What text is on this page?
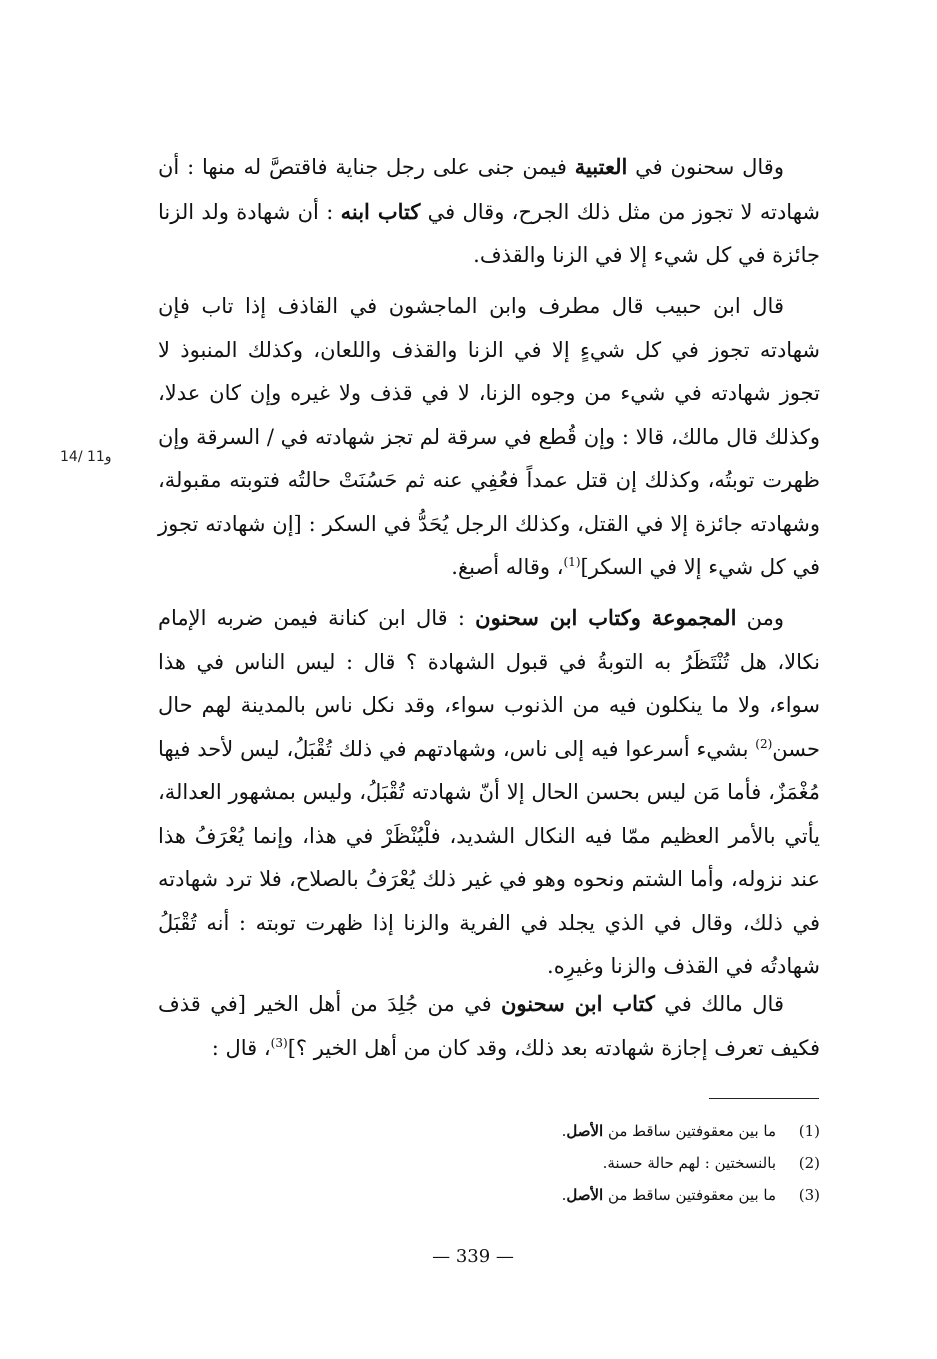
وقال سحنون في العتبية فيمن جنى على رجل جناية فاقتصَّ له منها : أن شهادته لا تجوز من مثل ذلك الجرح، وقال في كتاب ابنه : أن شهادة ولد الزنا جائزة في كل شيء إلا في الزنا والقذف.

قال ابن حبيب قال مطرف وابن الماجشون في القاذف إذا تاب فإن شهادته تجوز في كل شيءٍ إلا في الزنا والقذف واللعان، وكذلك المنبوذ لا تجوز شهادته في شيء من وجوه الزنا، لا في قذف ولا غيره وإن كان عدلا، وكذلك قال مالك، قالا : وإن قُطع في سرقة لم تجز شهادته في / السرقة وإن ظهرت توبتُه، وكذلك إن قتل عمداً فعُفِي عنه ثم حَسُنَتْ حالتُه فتوبته مقبولة، وشهادته جائزة إلا في القتل، وكذلك الرجل يُحَدُّ في السكر : [إن شهادته تجوز في كل شيء إلا في السكر]$^{(1)}$، وقاله أصبغ.

14/ 11و

ومن المجموعة وكتاب ابن سحنون : قال ابن كنانة فيمن ضربه الإمام نكالا، هل تُنْتَظَرُ به التوبةُ في قبول الشهادة ؟ قال : ليس الناس في هذا سواء، ولا ما ينكلون فيه من الذنوب سواء، وقد نكل ناس بالمدينة لهم حال حسن$^{(2)}$ بشيء أسرعوا فيه إلى ناس، وشهادتهم في ذلك تُقْبَلُ، ليس لأحد فيها مُغْمَزٌ، فأما مَن ليس بحسن الحال إلا أنّ شهادته تُقْبَلُ، وليس بمشهور العدالة، يأتي بالأمر العظيم ممّا فيه النكال الشديد، فلْيُنْظَرْ في هذا، وإنما يُعْرَفُ هذا عند نزوله، وأما الشتم ونحوه وهو في غير ذلك يُعْرَفُ بالصلاح، فلا ترد شهادته في ذلك، وقال في الذي يجلد في الفرية والزنا إذا ظهرت توبته : أنه تُقْبَلُ شهادتُه في القذف والزنا وغيرِه.

قال مالك في كتاب ابن سحنون في من جُلِدَ من أهل الخير [في قذف فكيف تعرف إجازة شهادته بعد ذلك، وقد كان من أهل الخير ؟]$^{(3)}$، قال :

(1)
ما بين معقوفتين ساقط من الأصل.
(2)
بالنسختين : لهم حالة حسنة.
(3)
ما بين معقوفتين ساقط من الأصل.
— 339 —
